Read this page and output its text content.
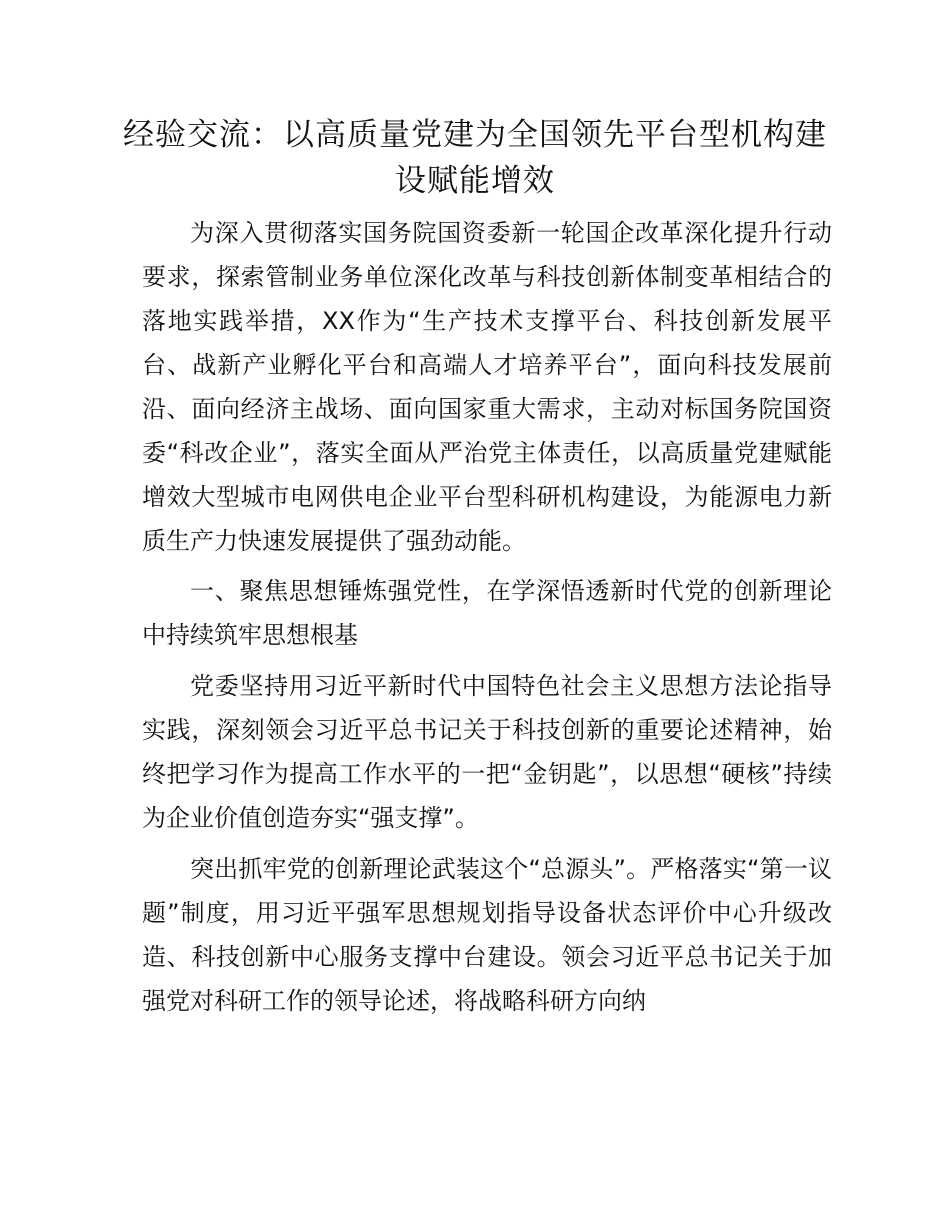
经验交流：以高质量党建为全国领先平台型机构建设赋能增效

为深入贯彻落实国务院国资委新一轮国企改革深化提升行动要求，探索管制业务单位深化改革与科技创新体制变革相结合的落地实践举措，XX作为“生产技术支撑平台、科技创新发展平台、战新产业孵化平台和高端人才培养平台”，面向科技发展前沿、面向经济主战场、面向国家重大需求，主动对标国务院国资委“科改企业”，落实全面从严治党主体责任，以高质量党建赋能增效大型城市电网供电企业平台型科研机构建设，为能源电力新质生产力快速发展提供了强劲动能。

一、聚焦思想锤炼强党性，在学深悟透新时代党的创新理论中持续筑牢思想根基

党委坚持用习近平新时代中国特色社会主义思想方法论指导实践，深刻领会习近平总书记关于科技创新的重要论述精神，始终把学习作为提高工作水平的一把“金钥匙”，以思想“硬核”持续为企业价值创造夯实“强支撑”。

突出抓牢党的创新理论武装这个“总源头”。严格落实“第一议题”制度，用习近平强军思想规划指导设备状态评价中心升级改造、科技创新中心服务支撑中台建设。领会习近平总书记关于加强党对科研工作的领导论述，将战略科研方向纳
